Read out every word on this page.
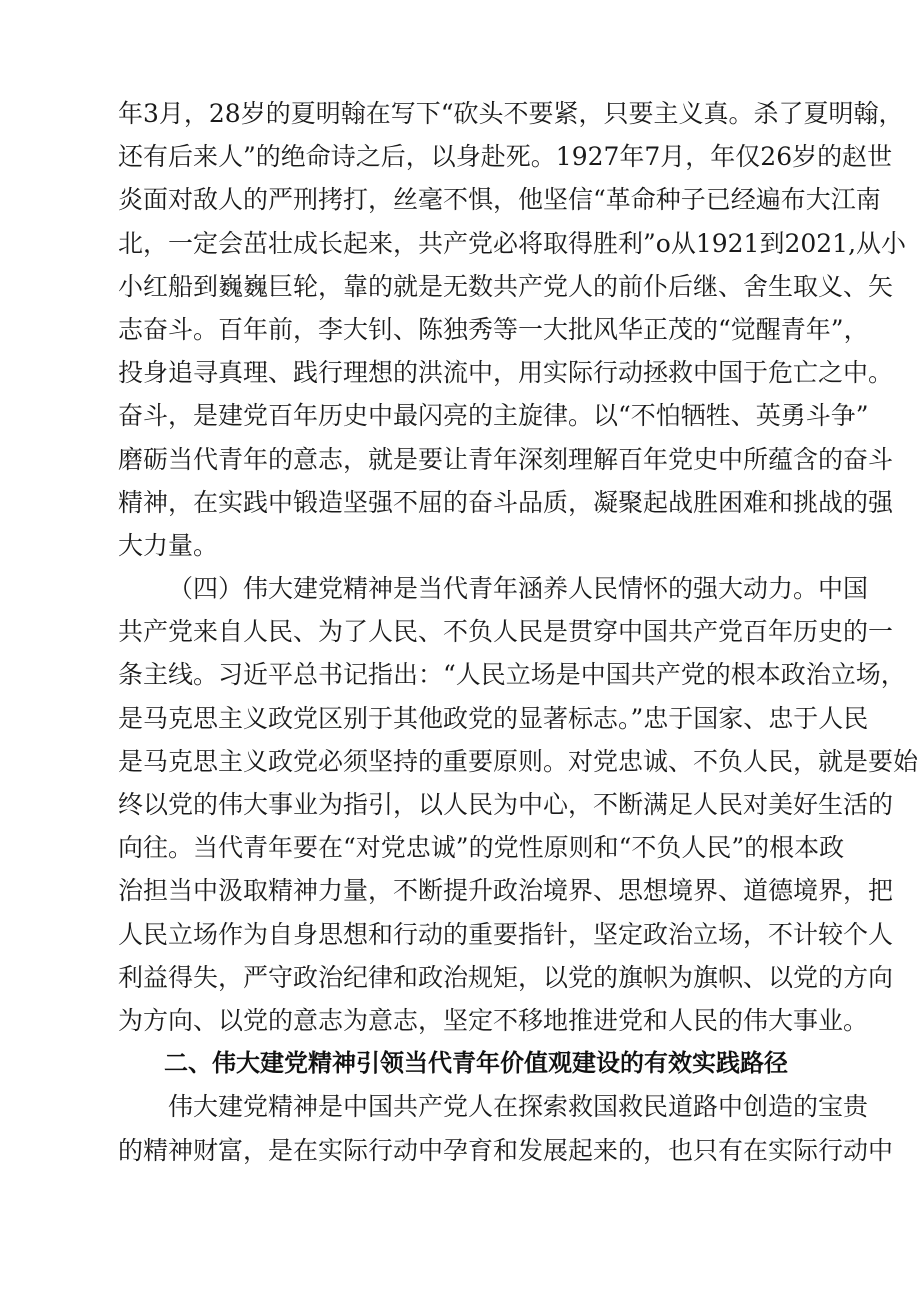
年3月，28岁的夏明翰在写下“砍头不要紧，只要主义真。杀了夏明翰，
还有后来人”的绝命诗之后，以身赴死。1927年7月，年仅26岁的赵世
炎面对敌人的严刑拷打，丝毫不惧，他坚信“革命种子已经遍布大江南
北，一定会茁壮成长起来，共产党必将取得胜利”o从1921到2021,从小
小红船到巍巍巨轮，靠的就是无数共产党人的前仆后继、舍生取义、矢
志奋斗。百年前，李大钊、陈独秀等一大批风华正茂的“觉醒青年”，
投身追寻真理、践行理想的洪流中，用实际行动拯救中国于危亡之中。
奋斗，是建党百年历史中最闪亮的主旋律。以“不怕牺牲、英勇斗争”
磨砺当代青年的意志，就是要让青年深刻理解百年党史中所蕴含的奋斗
精神，在实践中锻造坚强不屈的奋斗品质，凝聚起战胜困难和挑战的强
大力量。
（四）伟大建党精神是当代青年涵养人民情怀的强大动力。中国
共产党来自人民、为了人民、不负人民是贯穿中国共产党百年历史的一
条主线。习近平总书记指出：“人民立场是中国共产党的根本政治立场，
是马克思主义政党区别于其他政党的显著标志。”忠于国家、忠于人民
是马克思主义政党必须坚持的重要原则。对党忠诚、不负人民，就是要始
终以党的伟大事业为指引，以人民为中心，不断满足人民对美好生活的
向往。当代青年要在“对党忠诚”的党性原则和“不负人民”的根本政
治担当中汲取精神力量，不断提升政治境界、思想境界、道德境界，把
人民立场作为自身思想和行动的重要指针，坚定政治立场，不计较个人
利益得失，严守政治纪律和政治规矩，以党的旗帜为旗帜、以党的方向
为方向、以党的意志为意志，坚定不移地推进党和人民的伟大事业。
二、伟大建党精神引领当代青年价值观建设的有效实践路径
伟大建党精神是中国共产党人在探索救国救民道路中创造的宝贵
的精神财富，是在实际行动中孕育和发展起来的，也只有在实际行动中
